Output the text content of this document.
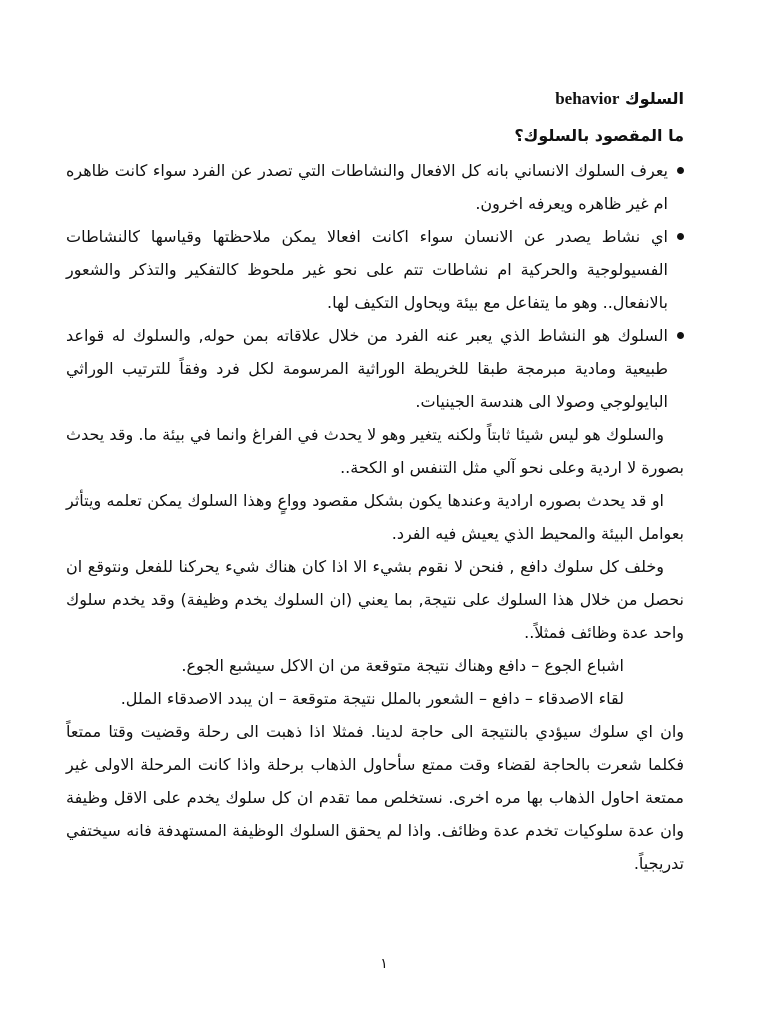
السلوك behavior

ما المقصود بالسلوك؟

يعرف السلوك الانساني بانه كل الافعال والنشاطات التي تصدر عن الفرد سواء كانت ظاهره ام غير ظاهره ويعرفه اخرون.
اي نشاط يصدر عن الانسان سواء اكانت افعالا يمكن ملاحظتها وقياسها كالنشاطات الفسيولوجية والحركية ام نشاطات تتم على نحو غير ملحوظ كالتفكير والتذكر والشعور بالانفعال.. وهو ما يتفاعل مع بيئة ويحاول التكيف لها.
السلوك هو النشاط الذي يعبر عنه الفرد من خلال علاقاته بمن حوله, والسلوك له قواعد طبيعية ومادية مبرمجة طبقا للخريطة الوراثية المرسومة لكل فرد وفقاً للترتيب الوراثي البايولوجي وصولا الى هندسة الجينيات.

والسلوك هو ليس شيئا ثابتاً ولكنه يتغير وهو لا يحدث في الفراغ وانما في بيئة ما. وقد يحدث بصورة لا اردية وعلى نحو آلي مثل التنفس او الكحة..

او قد يحدث بصوره ارادية وعندها يكون بشكل مقصود وواعٍ وهذا السلوك يمكن تعلمه ويتأثر بعوامل البيئة والمحيط الذي يعيش فيه الفرد.

وخلف كل سلوك دافع , فنحن لا نقوم بشيء الا اذا كان هناك شيء يحركنا للفعل ونتوقع ان نحصل من خلال هذا السلوك على نتيجة, بما يعني (ان السلوك يخدم وظيفة) وقد يخدم سلوك واحد عدة وظائف فمثلاً..

اشباع الجوع – دافع وهناك نتيجة متوقعة من ان الاكل سيشبع الجوع.

لقاء الاصدقاء – دافع – الشعور بالملل نتيجة متوقعة – ان يبدد الاصدقاء الملل.

وان اي سلوك سيؤدي بالنتيجة الى حاجة لدينا. فمثلا اذا ذهبت الى رحلة وقضيت وقتا ممتعاً فكلما شعرت بالحاجة لقضاء وقت ممتع سأحاول الذهاب برحلة واذا كانت المرحلة الاولى غير ممتعة احاول الذهاب بها مره اخرى. نستخلص مما تقدم ان كل سلوك يخدم على الاقل وظيفة وان عدة سلوكيات تخدم عدة وظائف. واذا لم يحقق السلوك الوظيفة المستهدفة فانه سيختفي تدريجياً.

١
